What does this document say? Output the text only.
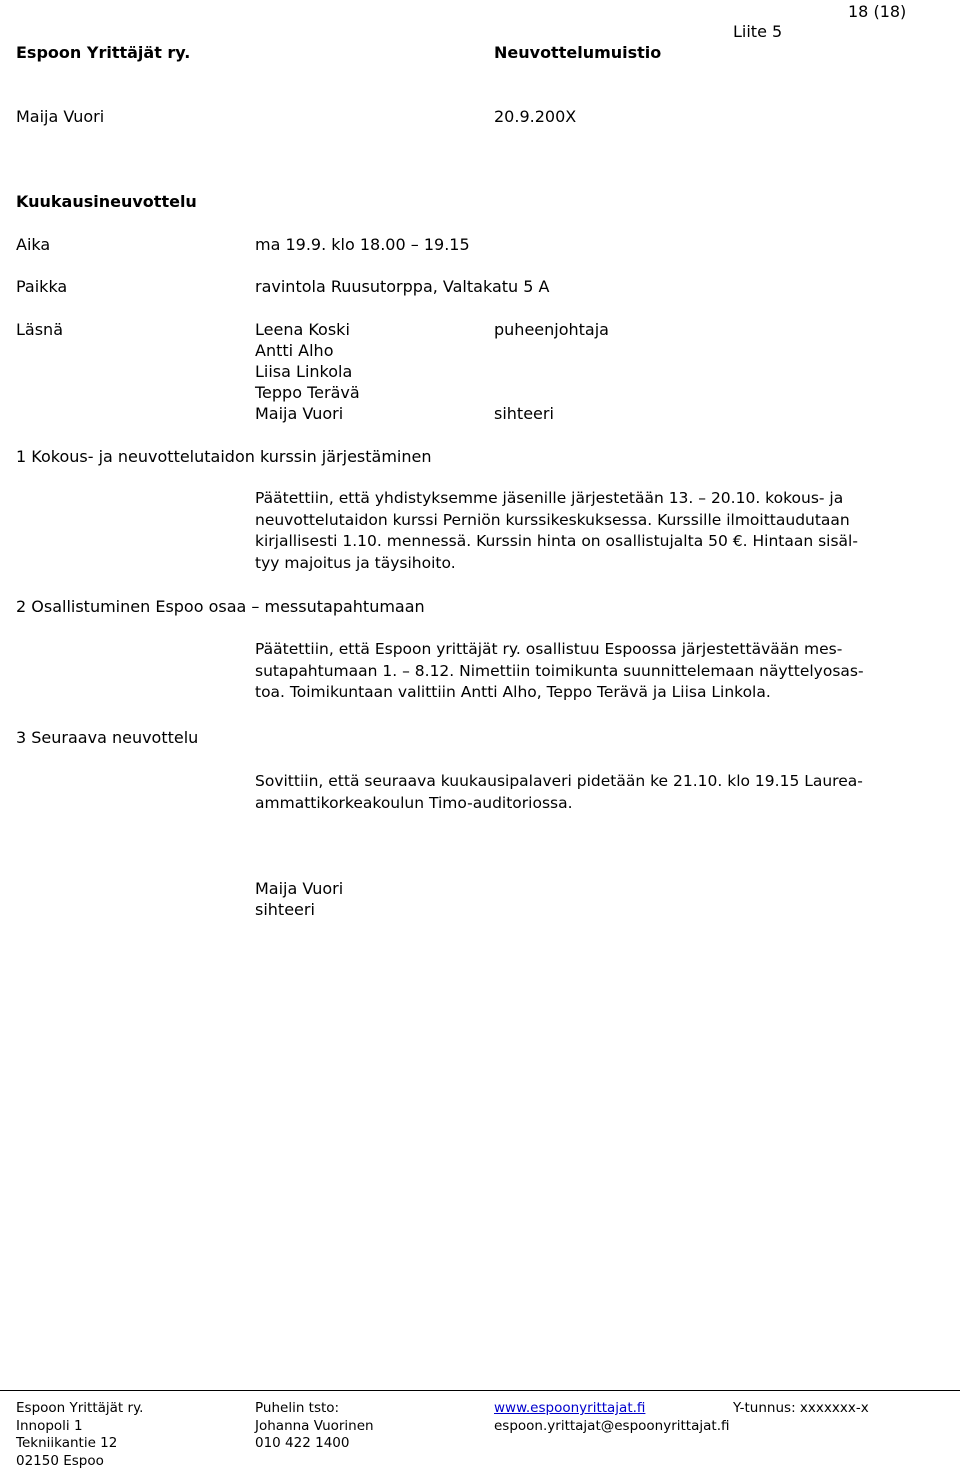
18 (18)
Liite 5
Espoon Yrittäjät ry.	Neuvottelumuistio
Maija Vuori	20.9.200X
Kuukausineuvottelu
Aika	ma 19.9. klo 18.00 – 19.15
Paikka	ravintola Ruusutorppa, Valtakatu 5 A
Läsnä	Leena Koski	puheenjohtaja
Antti Alho
Liisa Linkola
Teppo Terävä
Maija Vuori	sihteeri
1 Kokous- ja neuvottelutaidon kurssin järjestäminen

Päätettiin, että yhdistyksemme jäsenille järjestetään 13. – 20.10. kokous- ja

neuvottelutaidon kurssi Perniön kurssikeskuksessa. Kurssille ilmoittaudutaan

kirjallisesti 1.10. mennessä. Kurssin hinta on osallistujalta 50 €. Hintaan sisäl-

tyy majoitus ja täysihoito.

2 Osallistuminen Espoo osaa – messutapahtumaan

Päätettiin, että Espoon yrittäjät ry. osallistuu Espoossa järjestettävään mes-

sutapahtumaan 1. – 8.12. Nimettiin toimikunta suunnittelemaan näyttelyosas-

toa. Toimikuntaan valittiin Antti Alho, Teppo Terävä ja Liisa Linkola.

3 Seuraava neuvottelu

Sovittiin, että seuraava kuukausipalaveri pidetään ke 21.10. klo 19.15 Laurea-

ammattikorkeakoulun Timo-auditoriossa.

Maija Vuori
sihteeri
Espoon Yrittäjät ry.
Innopoli 1
Tekniikantie 12
02150 Espoo
Puhelin tsto:
Johanna Vuorinen
010 422 1400
www.espoonyrittajat.fi
espoon.yrittajat@espoonyrittajat.fi
Y-tunnus: xxxxxxx-x
